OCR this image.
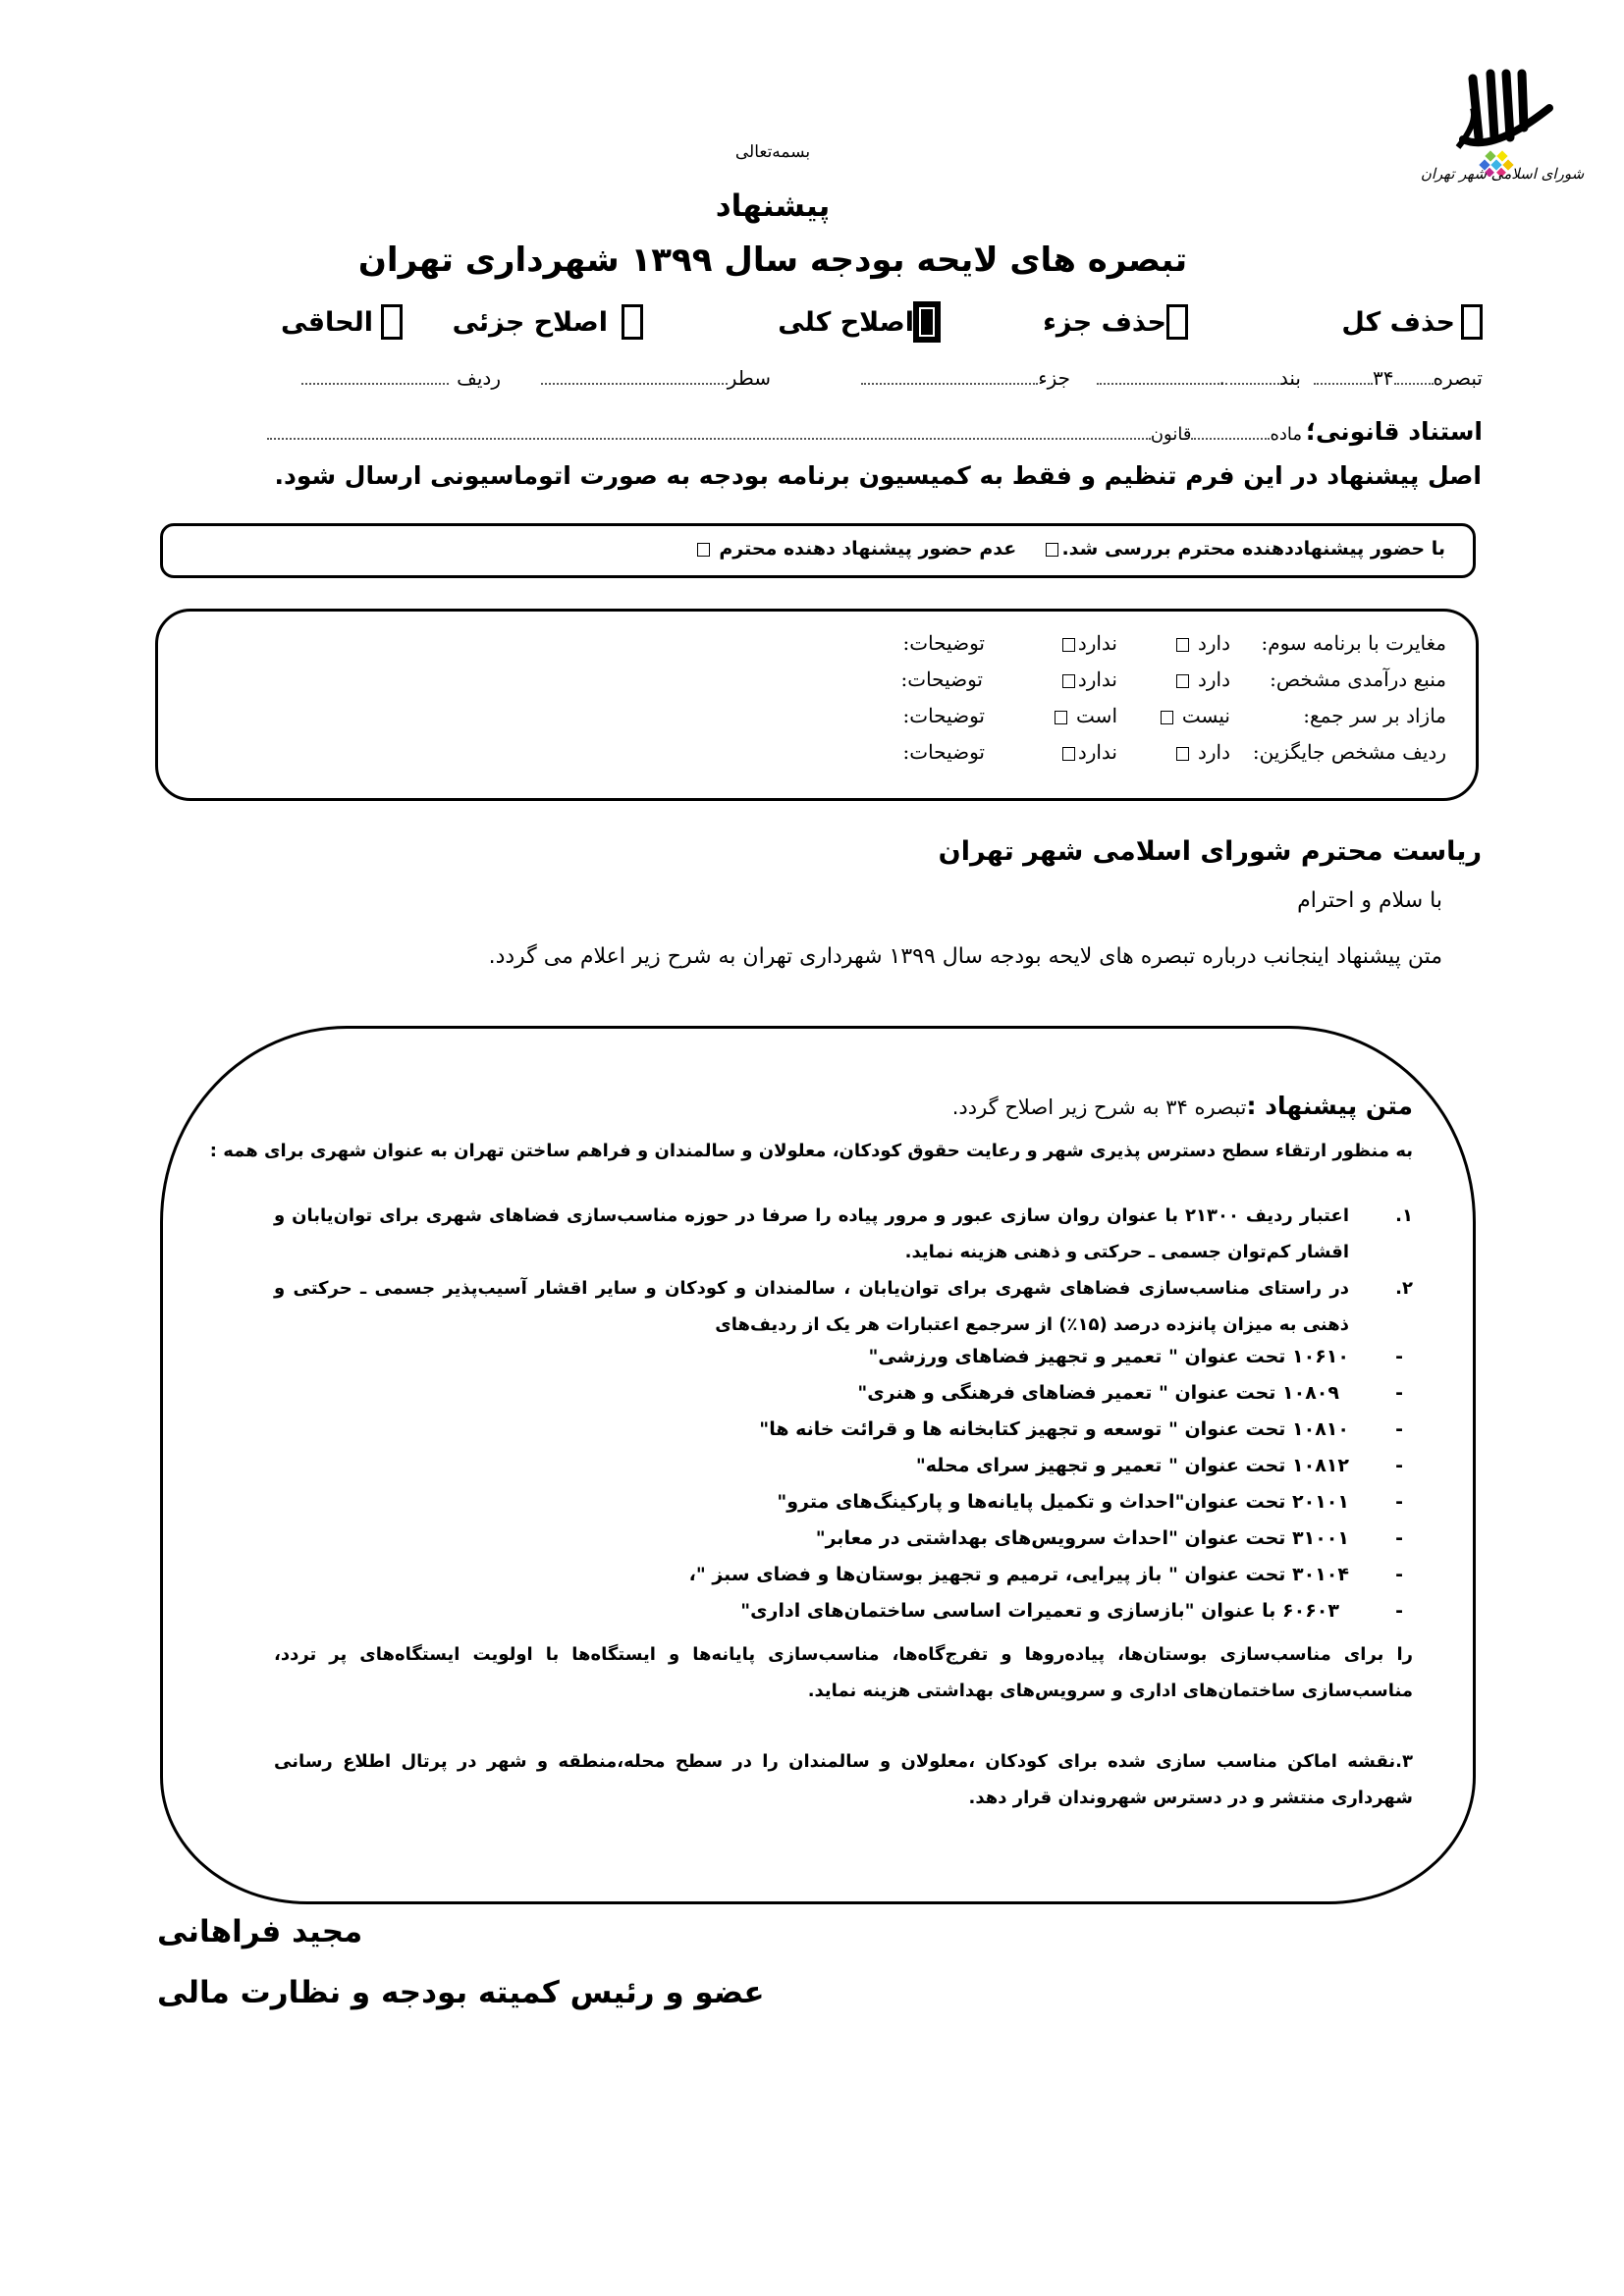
شورای اسلامی شهر تهران
بسمه‌تعالی
پیشنهاد
تبصره های لایحه بودجه سال ۱۳۹۹ شهرداری تهران
حذف کل
حذف جزء
اصلاح کلی
اصلاح جزئی
الحاقی
تبصره
۳۴
بند
.
جزء
سطر
ردیف
استناد قانونی؛
ماده
قانون
اصل پیشنهاد در این فرم تنظیم و فقط به کمیسیون برنامه بودجه به صورت اتوماسیونی ارسال شود.
با حضور پیشنهاددهنده محترم بررسی شد.  عدم حضور پیشنهاد دهنده محترم
مغایرت با برنامه سوم:
دارد
ندارد
توضیحات:
منبع درآمدی مشخص:
دارد
ندارد
توضیحات:
مازاد بر سر جمع:
نیست
است
توضیحات:
ردیف مشخص جایگزین:
دارد
ندارد
توضیحات:
ریاست محترم شورای اسلامی شهر تهران
با سلام و احترام
متن پیشنهاد اینجانب درباره تبصره های لایحه بودجه سال ۱۳۹۹ شهرداری تهران به شرح زیر اعلام می گردد.
متن پیشنهاد :تبصره ۳۴ به شرح زیر اصلاح گردد.
به منظور ارتقاء سطح دسترس پذیری شهر و رعایت حقوق کودکان، معلولان و سالمندان و فراهم ساختن تهران به عنوان شهری برای همه :
۱.
اعتبار ردیف ۲۱۳۰۰ با عنوان روان سازی عبور و مرور پیاده را صرفا در حوزه مناسب‌سازی فضاهای شهری برای توان‌یابان و اقشار کم‌توان جسمی ـ حرکتی و ذهنی هزینه نماید.
۲.
در راستای مناسب‌سازی فضاهای شهری برای توان‌یابان ، سالمندان و کودکان و سایر اقشار آسیب‌پذیر جسمی ـ حرکتی و ذهنی به میزان پانزده درصد (۱۵٪) از سرجمع اعتبارات هر یک از ردیف‌های
-
۱۰۶۱۰ تحت عنوان " تعمیر و تجهیز فضاهای ورزشی"
-
۱۰۸۰۹ تحت عنوان " تعمیر فضاهای فرهنگی و هنری"
-
۱۰۸۱۰ تحت عنوان " توسعه و تجهیز کتابخانه ها و قرائت خانه ها"
-
۱۰۸۱۲ تحت عنوان " تعمیر و تجهیز سرای محله"
-
۲۰۱۰۱ تحت عنوان"احداث و تکمیل پایانه‌ها و پارکینگ‌های مترو"
-
۳۱۰۰۱ تحت عنوان "احداث سرویس‌های بهداشتی در معابر"
-
۳۰۱۰۴ تحت عنوان " باز پیرایی، ترمیم و تجهیز بوستان‌ها و فضای سبز "،
-
۶۰۶۰۳ با عنوان "بازسازی و تعمیرات اساسی ساختمان‌های اداری"
را برای مناسب‌سازی بوستان‌ها، پیاده‌روها و تفرج‌گاه‌ها، مناسب‌سازی پایانه‌ها و ایستگاه‌ها با اولویت ایستگاه‌های پر تردد، مناسب‌سازی ساختمان‌های اداری و سرویس‌های بهداشتی هزینه نماید.
۳.نقشه اماکن مناسب سازی شده برای کودکان ،معلولان و سالمندان را در سطح محله،منطقه و شهر در پرتال اطلاع رسانی شهرداری منتشر و در دسترس شهروندان قرار دهد.
مجید فراهانی
عضو و رئیس کمیته بودجه و نظارت مالی
